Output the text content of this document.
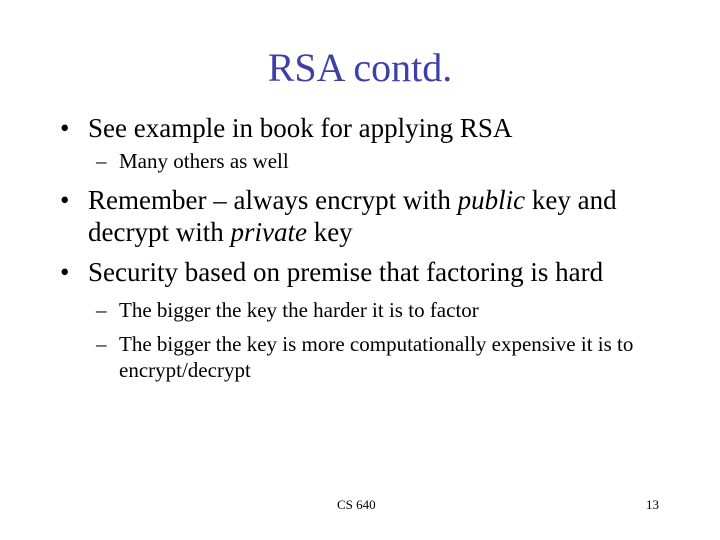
RSA contd.
• See example in book for applying RSA
– Many others as well
• Remember – always encrypt with public key and decrypt with private key
• Security based on premise that factoring is hard
– The bigger the key the harder it is to factor
– The bigger the key is more computationally expensive it is to encrypt/decrypt
CS 640	13
